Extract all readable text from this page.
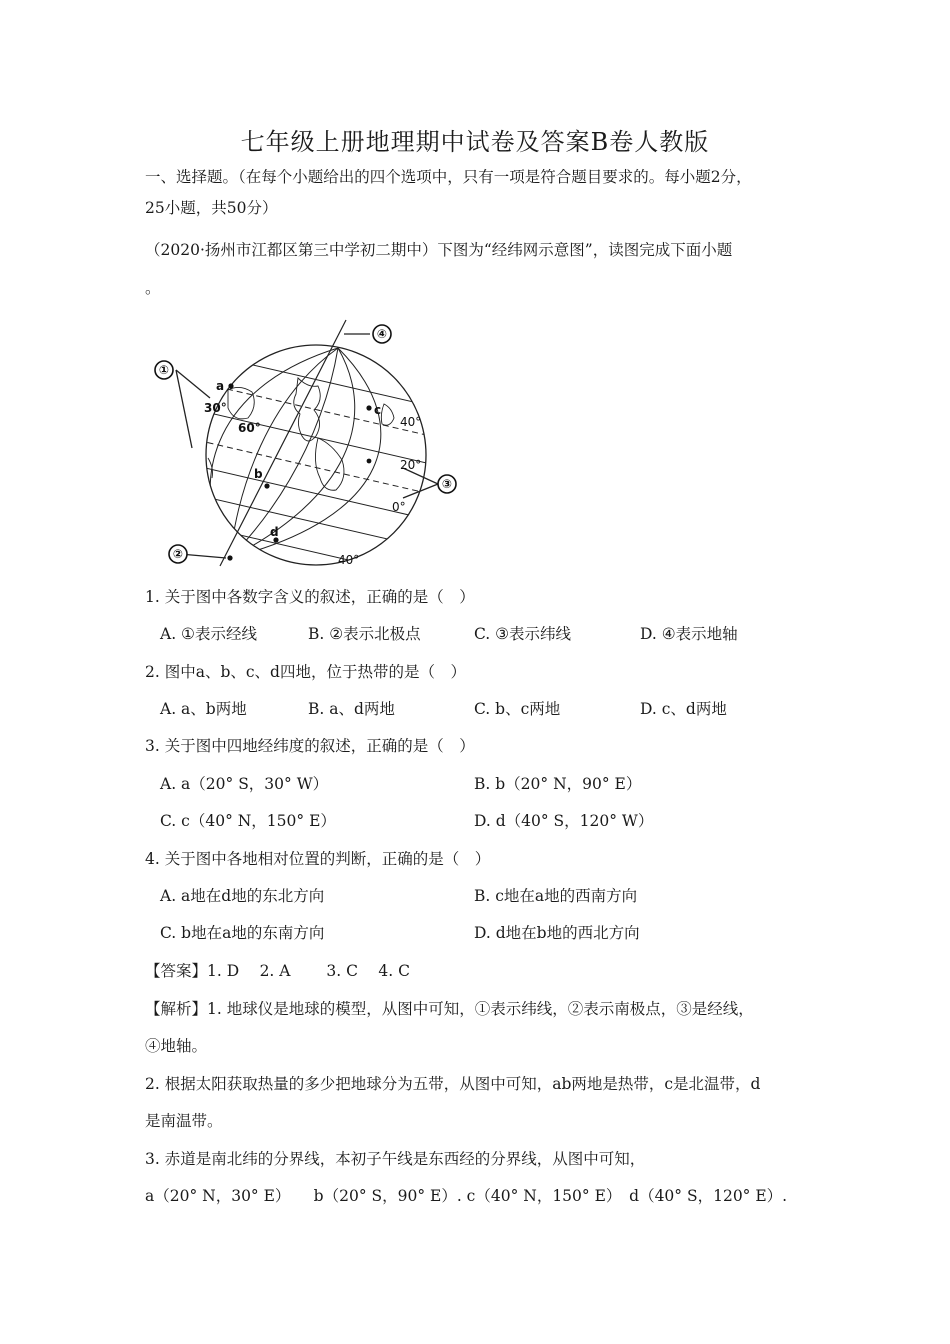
七年级上册地理期中试卷及答案B卷人教版
一、选择题。（在每个小题给出的四个选项中，只有一项是符合题目要求的。每小题2分，
25小题，共50分）
（2020·扬州市江都区第三中学初二期中）下图为“经纬网示意图”，读图完成下面小题
。
④
①
②
③
a
b
c
d
30°
60°	40°
20°
0°
40°
1. 关于图中各数字含义的叙述，正确的是（　）
A. ①表示经线	B. ②表示北极点	C. ③表示纬线	D. ④表示地轴
2. 图中a、b、c、d四地，位于热带的是（　）
A. a、b两地	B. a、d两地	C. b、c两地	D. c、d两地
3. 关于图中四地经纬度的叙述，正确的是（　）
A. a（20° S，30° W）	B. b（20° N，90° E）
C. c（40° N，150° E）	D. d（40° S，120° W）
4. 关于图中各地相对位置的判断，正确的是（　）
A. a地在d地的东北方向	B. c地在a地的西南方向
C. b地在a地的东南方向	D. d地在b地的西北方向
【答案】1. D　 2. A　 　3. C　 4. C
【解析】1. 地球仪是地球的模型，从图中可知，①表示纬线，②表示南极点，③是经线，
④地轴。
2. 根据太阳获取热量的多少把地球分为五带，从图中可知，ab两地是热带，c是北温带，d
是南温带。
3. 赤道是南北纬的分界线，本初子午线是东西经的分界线，从图中可知，
a（20° N，30° E）　　b（20° S，90° E）. c（40° N，150° E）　d（40° S，120° E）.
